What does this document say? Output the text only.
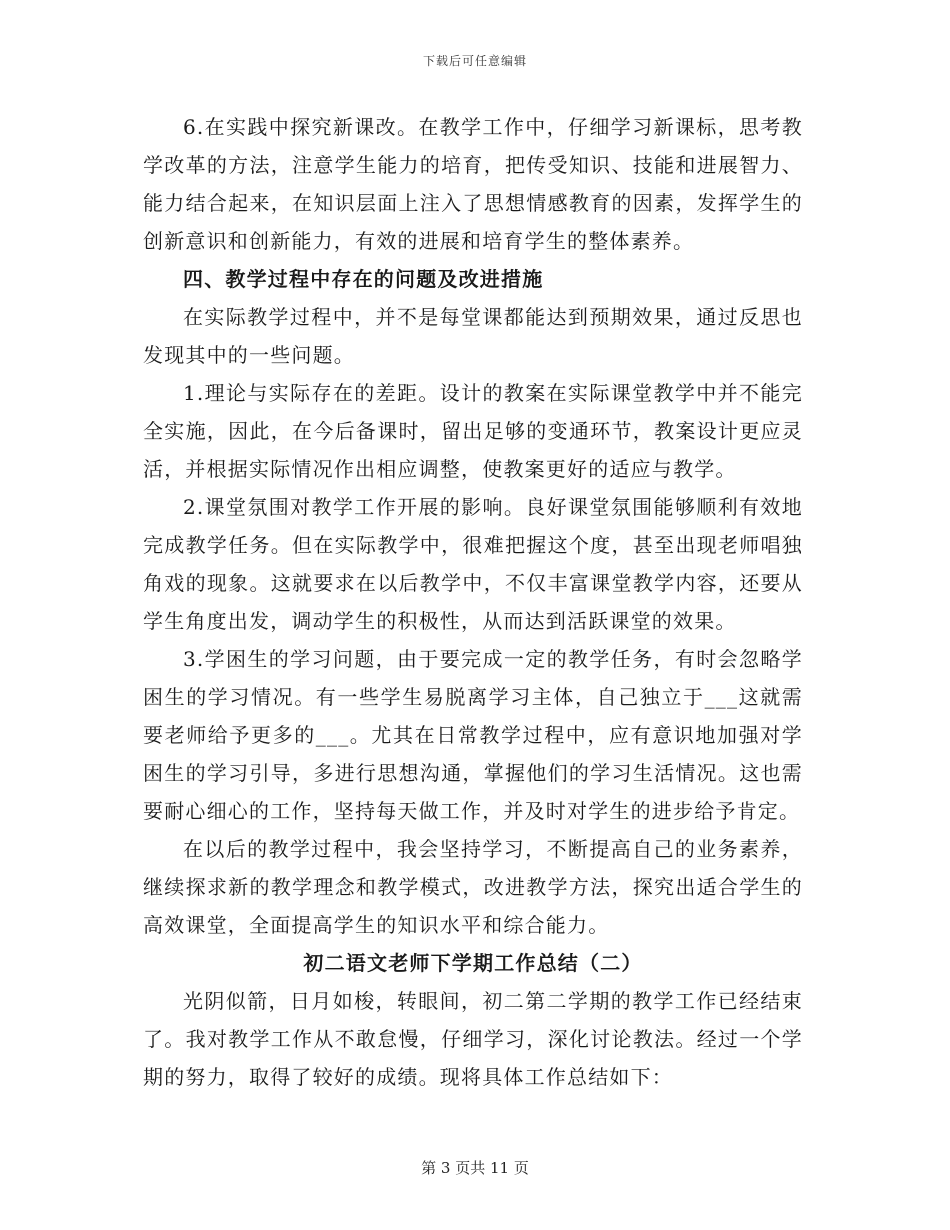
下载后可任意编辑

6.在实践中探究新课改。在教学工作中，仔细学习新课标，思考教学改革的方法，注意学生能力的培育，把传受知识、技能和进展智力、能力结合起来，在知识层面上注入了思想情感教育的因素，发挥学生的创新意识和创新能力，有效的进展和培育学生的整体素养。

四、教学过程中存在的问题及改进措施

在实际教学过程中，并不是每堂课都能达到预期效果，通过反思也发现其中的一些问题。

1.理论与实际存在的差距。设计的教案在实际课堂教学中并不能完全实施，因此，在今后备课时，留出足够的变通环节，教案设计更应灵活，并根据实际情况作出相应调整，使教案更好的适应与教学。

2.课堂氛围对教学工作开展的影响。良好课堂氛围能够顺利有效地完成教学任务。但在实际教学中，很难把握这个度，甚至出现老师唱独角戏的现象。这就要求在以后教学中，不仅丰富课堂教学内容，还要从学生角度出发，调动学生的积极性，从而达到活跃课堂的效果。

3.学困生的学习问题，由于要完成一定的教学任务，有时会忽略学困生的学习情况。有一些学生易脱离学习主体，自己独立于___这就需要老师给予更多的___。尤其在日常教学过程中，应有意识地加强对学困生的学习引导，多进行思想沟通，掌握他们的学习生活情况。这也需要耐心细心的工作，坚持每天做工作，并及时对学生的进步给予肯定。

在以后的教学过程中，我会坚持学习，不断提高自己的业务素养，继续探求新的教学理念和教学模式，改进教学方法，探究出适合学生的高效课堂，全面提高学生的知识水平和综合能力。

初二语文老师下学期工作总结（二）

光阴似箭，日月如梭，转眼间，初二第二学期的教学工作已经结束了。我对教学工作从不敢怠慢，仔细学习，深化讨论教法。经过一个学期的努力，取得了较好的成绩。现将具体工作总结如下：

第 3 页共 11 页
